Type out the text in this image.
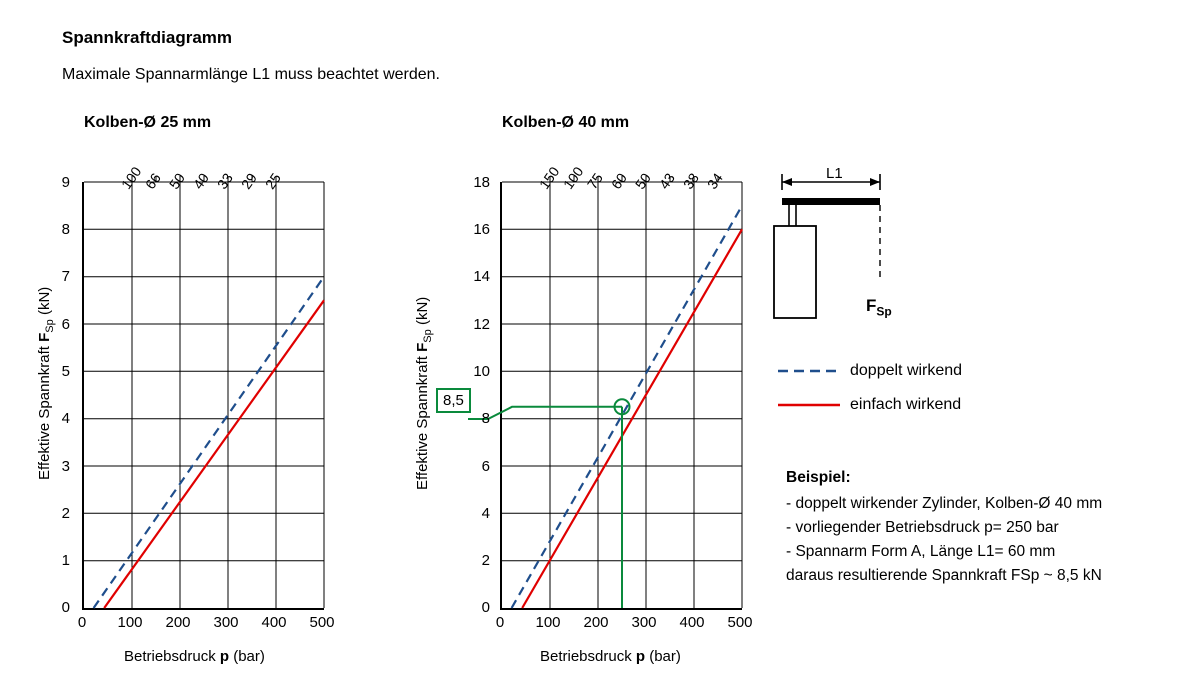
Spannkraftdiagramm
Maximale Spannarmlänge L1 muss beachtet werden.
Kolben-Ø 25 mm
Effektive Spannkraft $F_{Sp}$ (kN)
9
8
7
6
5
4
3
2
1
0
0	100	200	300	400	500
100
66 50 40 33 29 25
Betriebsdruck p (bar)
Kolben-Ø 40 mm
Effektive Spannkraft $F_{Sp}$ (kN)
8,5
18
16
14
12
10
8
6
4
2
0
0	100	200	300	400	500
150
100
75 60 50 43 38 34
Betriebsdruck p (bar)
$F_{Sp}$
L1
doppelt wirkend
einfach wirkend
Beispiel:
- doppelt wirkender Zylinder, Kolben-Ø 40 mm
- vorliegender Betriebsdruck p= 250 bar
- Spannarm Form A, Länge L1= 60 mm
daraus resultierende Spannkraft FSp ~ 8,5 kN
